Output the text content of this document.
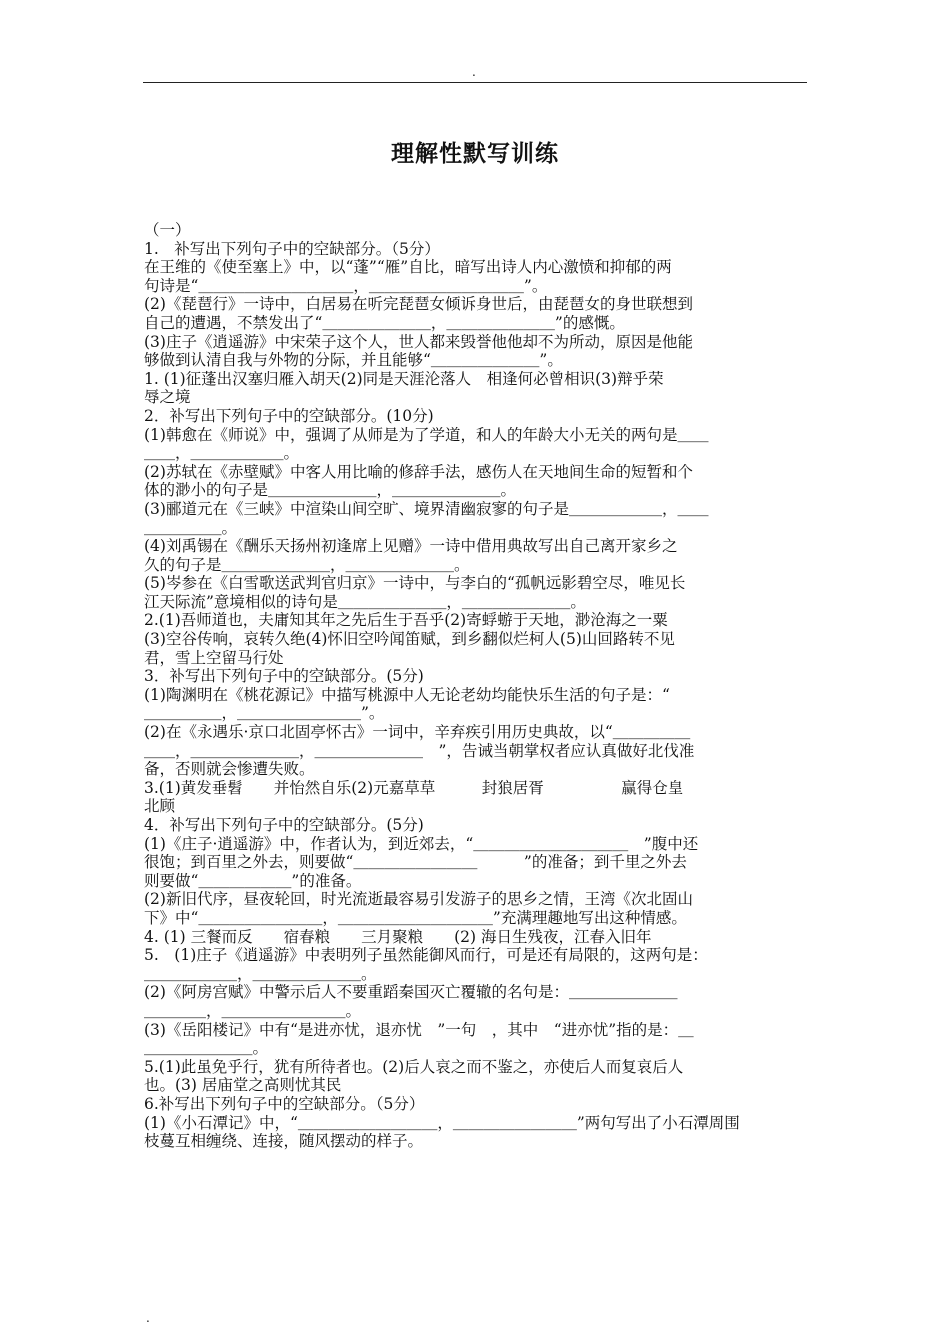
.
理解性默写训练
（一）
1.　补写出下列句子中的空缺部分。（5分）
在王维的《使至塞上》中，以“蓬”“雁”自比，暗写出诗人内心激愤和抑郁的两
句诗是“＿＿＿＿＿＿＿＿＿＿，＿＿＿＿＿＿＿＿＿＿”。
(2)《琵琶行》一诗中，白居易在听完琵琶女倾诉身世后，由琵琶女的身世联想到
自己的遭遇，不禁发出了“＿＿＿＿＿＿＿，＿＿＿＿＿＿＿”的感慨。
(3)庄子《逍遥游》中宋荣子这个人，世人都来毁誉他他却不为所动，原因是他能
够做到认清自我与外物的分际，并且能够“＿＿＿＿＿＿＿”。
1. (1)征蓬出汉塞归雁入胡天(2)同是天涯沦落人　相逢何必曾相识(3)辩乎荣
辱之境
2．补写出下列句子中的空缺部分。(10分)
(1)韩愈在《师说》中，强调了从师是为了学道，和人的年龄大小无关的两句是＿＿
＿＿，＿＿＿＿＿＿。
(2)苏轼在《赤壁赋》中客人用比喻的修辞手法，感伤人在天地间生命的短暂和个
体的渺小的句子是＿＿＿＿＿＿＿，＿＿＿＿＿＿＿。
(3)郦道元在《三峡》中渲染山间空旷、境界清幽寂寥的句子是＿＿＿＿＿＿，＿＿
＿＿＿＿＿。
(4)刘禹锡在《酬乐天扬州初逢席上见赠》一诗中借用典故写出自己离开家乡之
久的句子是＿＿＿＿＿＿＿，＿＿＿＿＿＿＿。
(5)岑参在《白雪歌送武判官归京》一诗中，与李白的“孤帆远影碧空尽，唯见长
江天际流”意境相似的诗句是＿＿＿＿＿＿＿，＿＿＿＿＿＿＿。
2.(1)吾师道也，夫庸知其年之先后生于吾乎(2)寄蜉蝣于天地，渺沧海之一粟
(3)空谷传响，哀转久绝(4)怀旧空吟闻笛赋，到乡翻似烂柯人(5)山回路转不见
君，雪上空留马行处
3．补写出下列句子中的空缺部分。(5分)
(1)陶渊明在《桃花源记》中描写桃源中人无论老幼均能快乐生活的句子是：“
＿＿＿＿＿，＿＿＿＿＿＿＿＿”。
(2)在《永遇乐·京口北固亭怀古》一词中，辛弃疾引用历史典故，以“＿＿＿＿＿
＿＿，＿＿＿＿＿＿＿，＿＿＿＿＿＿＿　”，告诫当朝掌权者应认真做好北伐准
备，否则就会惨遭失败。
3.(1)黄发垂髫　　并怡然自乐(2)元嘉草草　　　封狼居胥　　　　　赢得仓皇
北顾
4．补写出下列句子中的空缺部分。(5分)
(1)《庄子·逍遥游》中，作者认为，到近郊去，“＿＿＿＿＿＿＿＿＿＿　”腹中还
很饱；到百里之外去，则要做“＿＿＿＿＿＿＿＿　　　”的准备；到千里之外去
则要做“＿＿＿＿＿＿”的准备。
(2)新旧代序，昼夜轮回，时光流逝最容易引发游子的思乡之情，王湾《次北固山
下》中“＿＿＿＿＿＿＿＿，＿＿＿＿＿＿＿＿＿＿”充满理趣地写出这种情感。
4. (1) 三餐而反　　宿春粮　　三月聚粮　　(2) 海日生残夜，江春入旧年
5.　(1)庄子《逍遥游》中表明列子虽然能御风而行，可是还有局限的，这两句是：
＿＿＿＿＿＿，＿＿＿＿＿＿＿。
(2)《阿房宫赋》中警示后人不要重蹈秦国灭亡覆辙的名句是：＿＿＿＿＿＿＿
＿＿＿＿，＿＿＿＿＿＿＿＿。
(3)《岳阳楼记》中有“是进亦忧，退亦忧　”一句　，其中　“进亦忧”指的是：＿
＿＿＿＿＿＿＿。
5.(1)此虽免乎行，犹有所待者也。(2)后人哀之而不鉴之，亦使后人而复哀后人
也。(3) 居庙堂之高则忧其民
6.补写出下列句子中的空缺部分。（5分）
(1)《小石潭记》中，“＿＿＿＿＿＿＿＿＿，＿＿＿＿＿＿＿＿”两句写出了小石潭周围
枝蔓互相缠绕、连接，随风摆动的样子。
.
